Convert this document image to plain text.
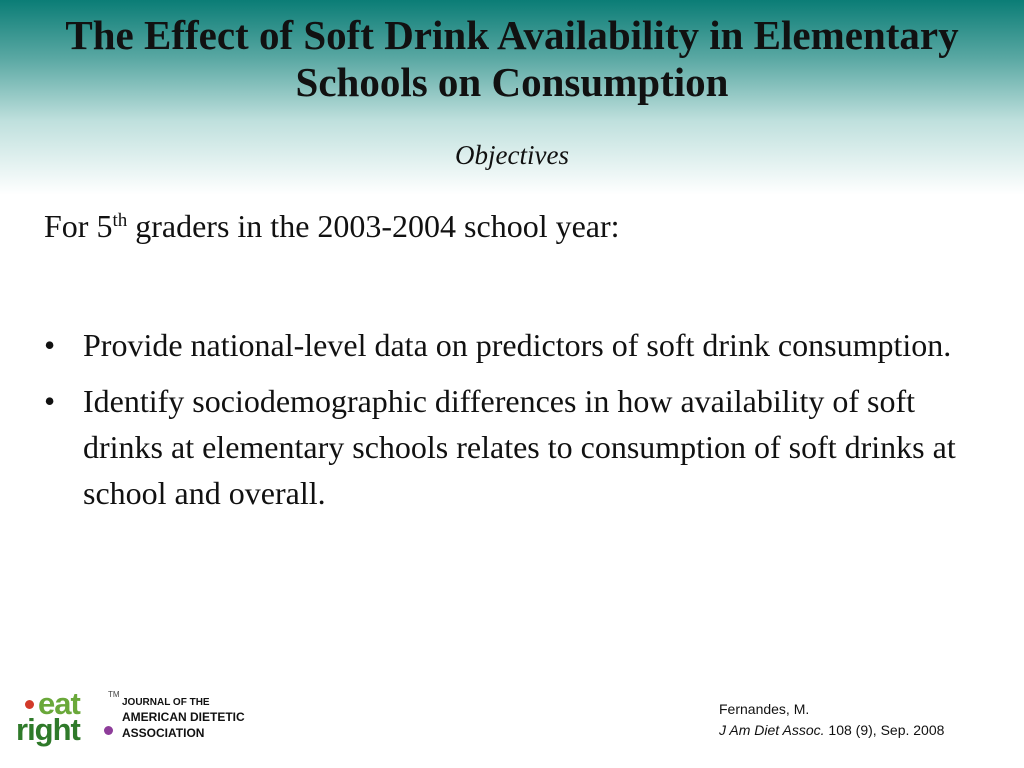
The Effect of Soft Drink Availability in Elementary Schools on Consumption
Objectives
For 5th graders in the 2003-2004 school year:
• Provide national-level data on predictors of soft drink consumption.
• Identify sociodemographic differences in how availability of soft drinks at elementary schools relates to consumption of soft drinks at school and overall.
eat	TM
right
JOURNAL OF THE
AMERICAN DIETETIC
ASSOCIATION
Fernandes, M.
J Am Diet Assoc. 108 (9), Sep. 2008
